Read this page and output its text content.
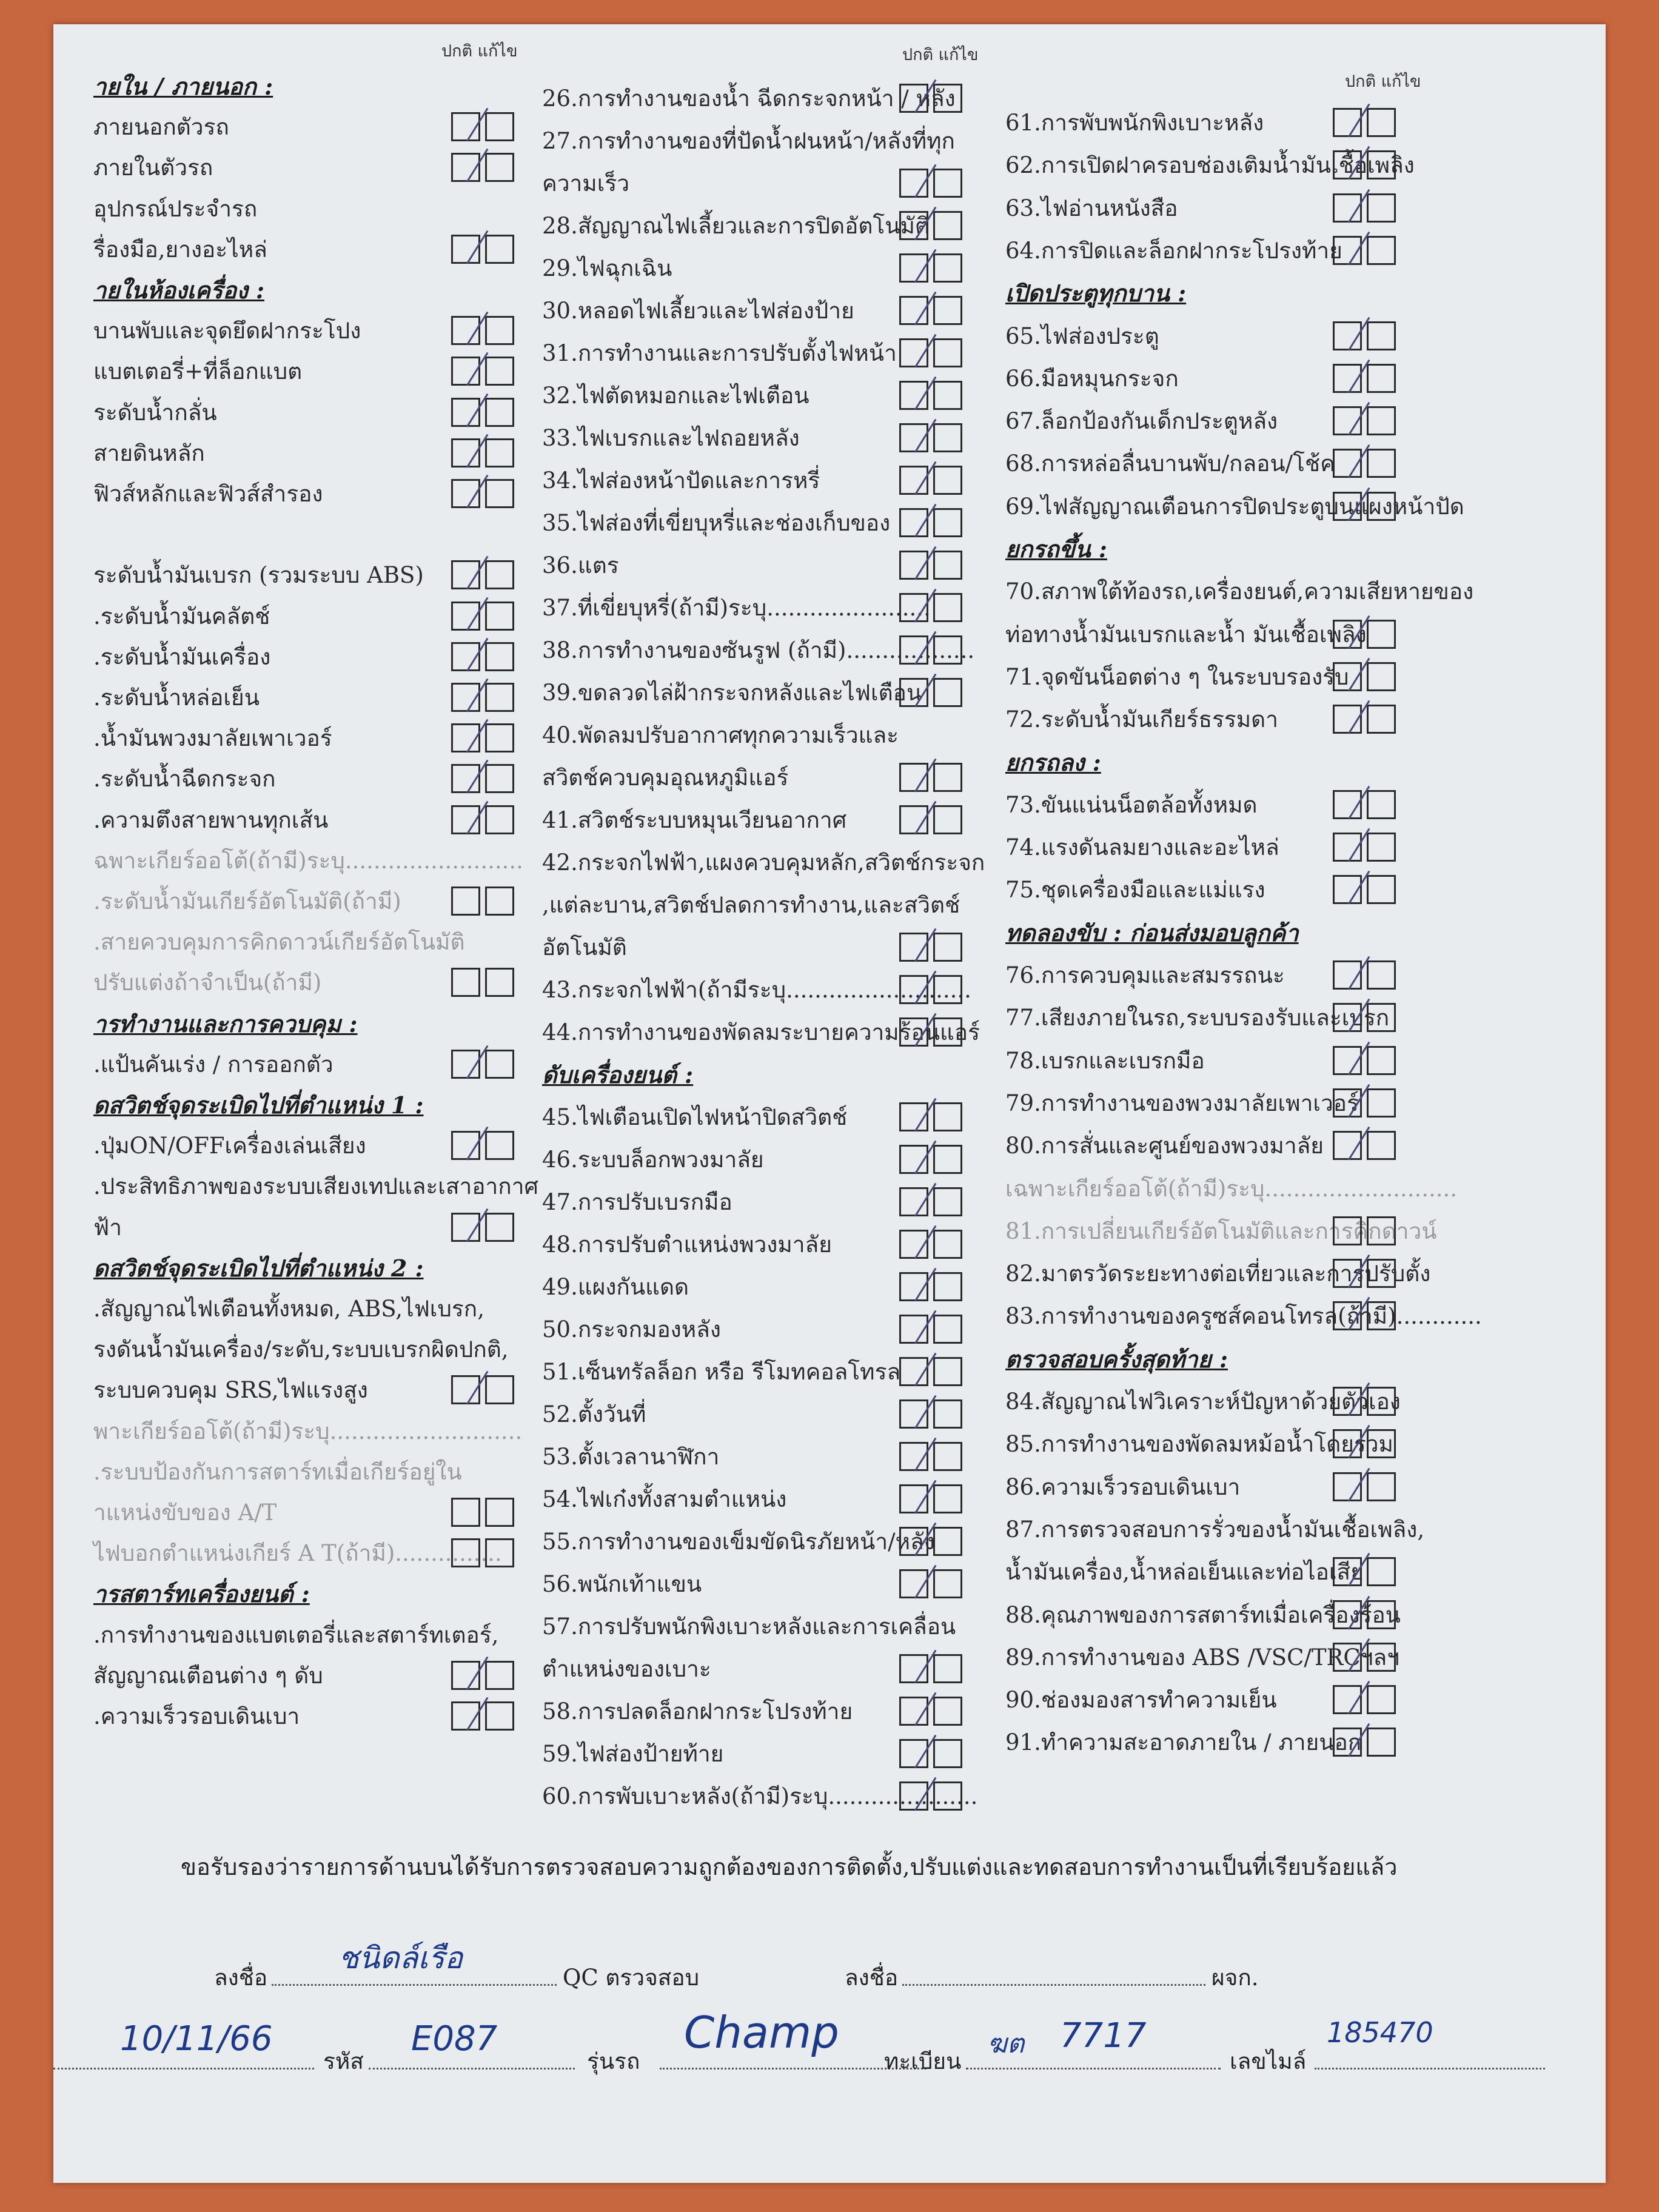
ปกติ แก้ไข	ปกติ แก้ไข
ปกติ แก้ไข
ายใน / ภายนอก :
ภายนอกตัวรถ
ภายในตัวรถ
อุปกรณ์ประจำรถ
รื่องมือ,ยางอะไหล่
ายในห้องเครื่อง :
บานพับและจุดยึดฝากระโปง
แบตเตอรี่+ที่ล็อกแบต
ระดับน้ำกลั่น
สายดินหลัก
ฟิวส์หลักและฟิวส์สำรอง
ระดับน้ำมันเบรก (รวมระบบ ABS)
.ระดับน้ำมันคลัตช์
.ระดับน้ำมันเครื่อง
.ระดับน้ำหล่อเย็น
.น้ำมันพวงมาลัยเพาเวอร์
.ระดับน้ำฉีดกระจก
.ความตึงสายพานทุกเส้น
ฉพาะเกียร์ออโต้(ถ้ามี)ระบุ.........................
.ระดับน้ำมันเกียร์อัตโนมัติ(ถ้ามี)
.สายควบคุมการคิกดาวน์เกียร์อัตโนมัติ
ปรับแต่งถ้าจำเป็น(ถ้ามี)
ารทำงานและการควบคุม :
.แป้นคันเร่ง / การออกตัว
ดสวิตช์จุดระเบิดไปที่ตำแหน่ง 1 :
.ปุ่มON/OFFเครื่องเล่นเสียง
.ประสิทธิภาพของระบบเสียงเทปและเสาอากาศ
ฟ้า
ดสวิตช์จุดระเบิดไปที่ตำแหน่ง 2 :
.สัญญาณไฟเตือนทั้งหมด, ABS,ไฟเบรก,
รงดันน้ำมันเครื่อง/ระดับ,ระบบเบรกผิดปกติ,
ระบบควบคุม SRS,ไฟแรงสูง
พาะเกียร์ออโต้(ถ้ามี)ระบุ...........................
.ระบบป้องกันการสตาร์ทเมื่อเกียร์อยู่ใน
าแหน่งขับของ A/T
ไฟบอกตำแหน่งเกียร์ A T(ถ้ามี)...............
ารสตาร์ทเครื่องยนต์ :
.การทำงานของแบตเตอรี่และสตาร์ทเตอร์,
สัญญาณเตือนต่าง ๆ ดับ
.ความเร็วรอบเดินเบา
26.การทำงานของน้ำ ฉีดกระจกหน้า / หลัง
27.การทำงานของที่ปัดน้ำฝนหน้า/หลังที่ทุก
ความเร็ว
28.สัญญาณไฟเลี้ยวและการปิดอัตโนมัติ
29.ไฟฉุกเฉิน
30.หลอดไฟเลี้ยวและไฟส่องป้าย
31.การทำงานและการปรับตั้งไฟหน้า
32.ไฟตัดหมอกและไฟเตือน
33.ไฟเบรกและไฟถอยหลัง
34.ไฟส่องหน้าปัดและการหรี่
35.ไฟส่องที่เขี่ยบุหรี่และช่องเก็บของ
36.แตร
37.ที่เขี่ยบุหรี่(ถ้ามี)ระบุ.......................
38.การทำงานของซันรูฟ (ถ้ามี)..................
39.ขดลวดไล่ฝ้ากระจกหลังและไฟเตือน
40.พัดลมปรับอากาศทุกความเร็วและ
สวิตช์ควบคุมอุณหภูมิแอร์
41.สวิตช์ระบบหมุนเวียนอากาศ
42.กระจกไฟฟ้า,แผงควบคุมหลัก,สวิตช์กระจก
,แต่ละบาน,สวิตช์ปลดการทำงาน,และสวิตช์
อัตโนมัติ
43.กระจกไฟฟ้า(ถ้ามีระบุ..........................
44.การทำงานของพัดลมระบายความร้อนแอร์
ดับเครื่องยนต์ :
45.ไฟเตือนเปิดไฟหน้าปิดสวิตช์
46.ระบบล็อกพวงมาลัย
47.การปรับเบรกมือ
48.การปรับตำแหน่งพวงมาลัย
49.แผงกันแดด
50.กระจกมองหลัง
51.เซ็นทรัลล็อก หรือ รีโมทคอลโทรล
52.ตั้งวันที่
53.ตั้งเวลานาฬิกา
54.ไฟเก๋งทั้งสามตำแหน่ง
55.การทำงานของเข็มขัดนิรภัยหน้า/หลัง
56.พนักเท้าแขน
57.การปรับพนักพิงเบาะหลังและการเคลื่อน
ตำแหน่งของเบาะ
58.การปลดล็อกฝากระโปรงท้าย
59.ไฟส่องป้ายท้าย
60.การพับเบาะหลัง(ถ้ามี)ระบุ.....................
61.การพับพนักพิงเบาะหลัง
62.การเปิดฝาครอบช่องเติมน้ำมันเชื้อเพลิง
63.ไฟอ่านหนังสือ
64.การปิดและล็อกฝากระโปรงท้าย
เปิดประตูทุกบาน :
65.ไฟส่องประตู
66.มือหมุนกระจก
67.ล็อกป้องกันเด็กประตูหลัง
68.การหล่อลื่นบานพับ/กลอน/โช้ค
69.ไฟสัญญาณเตือนการปิดประตูบนแผงหน้าปัด
ยกรถขึ้น :
70.สภาพใต้ท้องรถ,เครื่องยนต์,ความเสียหายของ
ท่อทางน้ำมันเบรกและน้ำ มันเชื้อเพลิง
71.จุดขันน็อตต่าง ๆ ในระบบรองรับ
72.ระดับน้ำมันเกียร์ธรรมดา
ยกรถลง :
73.ขันแน่นน็อตล้อทั้งหมด
74.แรงดันลมยางและอะไหล่
75.ชุดเครื่องมือและแม่แรง
ทดลองขับ : ก่อนส่งมอบลูกค้า
76.การควบคุมและสมรรถนะ
77.เสียงภายในรถ,ระบบรองรับและเบรก
78.เบรกและเบรกมือ
79.การทำงานของพวงมาลัยเพาเวอร์
80.การสั่นและศูนย์ของพวงมาลัย
เฉพาะเกียร์ออโต้(ถ้ามี)ระบุ...........................
81.การเปลี่ยนเกียร์อัตโนมัติและการคิกดาวน์
82.มาตรวัดระยะทางต่อเที่ยวและการปรับตั้ง
83.การทำงานของครูซส์คอนโทรล(ถ้ามี)............
ตรวจสอบครั้งสุดท้าย :
84.สัญญาณไฟวิเคราะห์ปัญหาด้วยตัวเอง
85.การทำงานของพัดลมหม้อน้ำโดยรวม
86.ความเร็วรอบเดินเบา
87.การตรวจสอบการรั่วของน้ำมันเชื้อเพลิง,
น้ำมันเครื่อง,น้ำหล่อเย็นและท่อไอเสีย
88.คุณภาพของการสตาร์ทเมื่อเครื่องร้อน
89.การทำงานของ ABS /VSC/TRCฯลฯ
90.ช่องมองสารทำความเย็น
91.ทำความสะอาดภายใน / ภายนอก
ขอรับรองว่ารายการด้านบนได้รับการตรวจสอบความถูกต้องของการติดตั้ง,ปรับแต่งและทดสอบการทำงานเป็นที่เรียบร้อยแล้ว
ลงชื่อ
ชนิดล์เรือ
QC ตรวจสอบ	ลงชื่อ	ผจก.
10/11/66
รหัส
E087
รุ่นรถ
Champ
ทะเบียน
ฆต 7717
เลขไมล์
185470
